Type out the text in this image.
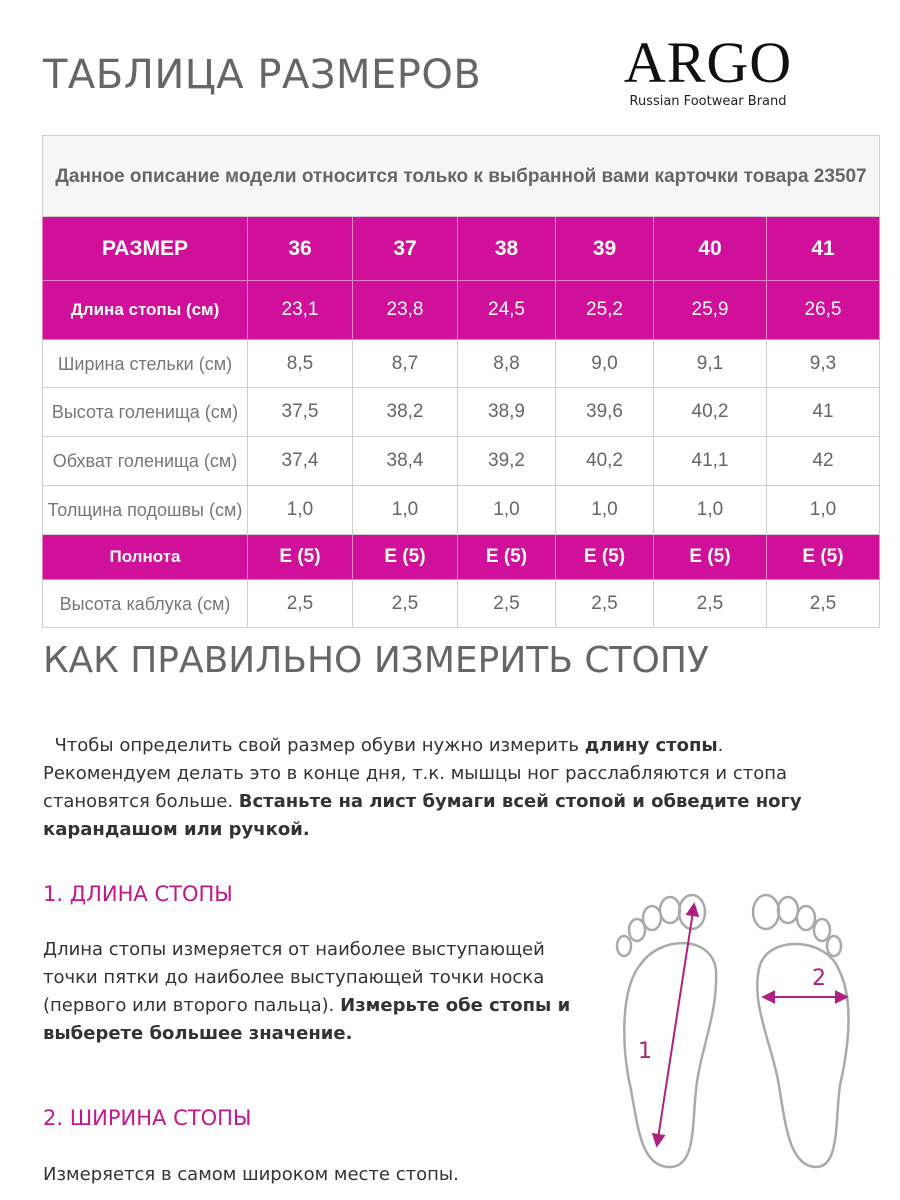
ТАБЛИЦА РАЗМЕРОВ ARGO
Russian Footwear Brand
Данное описание модели относится только к выбранной вами карточки товара 23507						
РАЗМЕР	36	37	38	39	40	41
Длина стопы (см)	23,1	23,8	24,5	25,2	25,9	26,5
Ширина стельки (см)	8,5	8,7	8,8	9,0	9,1	9,3
Высота голенища (см)	37,5	38,2	38,9	39,6	40,2	41
Обхват голенища (см)	37,4	38,4	39,2	40,2	41,1	42
Толщина подошвы (см)	1,0	1,0	1,0	1,0	1,0	1,0
Полнота	E (5)	E (5)	E (5)	E (5)	E (5)	E (5)
Высота каблука (см)	2,5	2,5	2,5	2,5	2,5	2,5
КАК ПРАВИЛЬНО ИЗМЕРИТЬ СТОПУ

Чтобы определить свой размер обуви нужно измерить длину стопы. Рекомендуем делать это в конце дня, т.к. мышцы ног расслабляются и стопа становятся больше. Встаньте на лист бумаги всей стопой и обведите ногу карандашом или ручкой.

1. ДЛИНА СТОПЫ

Длина стопы измеряется от наиболее выступающей точки пятки до наиболее выступающей точки носка (первого или второго пальца). Измерьте обе стопы и выберете большее значение.

2. ШИРИНА СТОПЫ

Измеряется в самом широком месте стопы.

1
2
